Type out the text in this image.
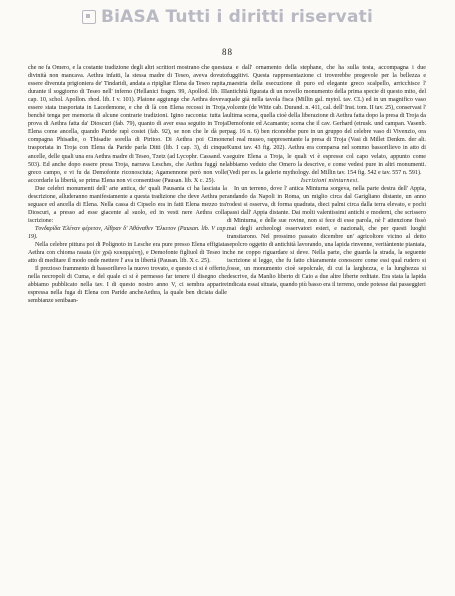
BiASA Tutti i diritti riservati
88

che ne fa Omero, e la costante tradizione degli altri scrittori mostrano che questa divinità non mancava. Aethra infatti, la stessa madre di Teseo, aveva dovuto essere divenuta prigioniera de' Tindaridi, andata a ripigliar Elena da Teseo rapita, durante il soggiorno di Teseo nell' inferno (Hellanici fragm. 99, Apollod. lib. III cap. 10, schol. Apollon. rhod. lib. I v. 101). Platone aggiunge che Aethra doveva essere stata trasportata in Lacedemone, e che di là con Elena recossi in Troja, benchè tenga per memoria di alcune contrarie tradizioni. Igino racconta: tutta la prova di Aethra fatta da' Dioscuri (fab. 79), quanto di aver essa seguito in Troja Elena come ancella, quando Paride rapì costei (fab. 92), se non che le dà per compagna Phisadie, o Thisadie sorella di Piritoo. Di Aethra poi Cimone trasportata in Troja con Elena da Paride parla Ditti (lib. I cap. 3), di cinque ancelle, delle quali una era Aethra madre di Teseo, Tzetz (ad Lycophr. Cassand. v. 503). Ed anche dopo essere presa Troja, narrava Lesches, che Aethra fuggì nel greco campo, e vi fu da Demofonte riconosciuta; Agamennone però non volle accordarle la libertà, se prima Elena non vi consentisse (Pausan. lib. X c. 25).

Due celebri monumenti dell' arte antica, de' quali Pausania ci ha lasciata la descrizione, alluderanno manifestamente a questa tradizione che deve Aethra per seguace ed ancella di Elena. Nella cassa di Cipselo era in fatti Elena mezzo tra' Dioscuri, a presso ad esse giacente al suolo, ed in vesti nere Aethra colla iscrizione:

Τυνδαρίδα Ἑλέναν φέρετον, Αἴθραν δ' Ἀθάναθεν Ἕλκετον (Pausan. lib. V cap. 19).

Nella celebre pittura poi di Polignoto in Lesche era pure presso Elena effigiata Aethra con chioma rasata (ἐν χρῷ κεκαρμένη), e Demofonte figliuol di Teseo in atto di meditare il modo onde mettere l' ava in libertà (Pausan. lib. X c. 25).

Il prezioso frammento di bassorilievo la nuovo trovato, e questo ci si è offerto, nella necropoli di Cuma, e del quale ci si è permesso far tenere il disegno che abbiamo pubblicato nella tav. I di questo nostro anno V, ci sembra apparire espressa nella fuga di Elena con Paride ancheAethra, la quale ben diciata dalle sembianze senibaan-

za e dall' ornamento della stephane, che ha sulla testa, accompagna i due fuggitivi. Questa rappresentazione ci troverebbe pregevole per la bellezza e maestria della esecuzione di puro ed elegante greco scalpello, arricchisce l' antichità figurata di un novello monumento della prima specie di questo mito, del quale già nella tavola fisca (Millin gal. mytol. tav. CL) ed in un magnifico vaso volcente (de Witte cab. Durand. n. 411, cal. dell' Inst. tom. II tav. 25), conservasi l' ultima scena, quella cioè della liberazione di Aethra fatta dopo la presa di Troja da Demofonte ed Acamante; scena che il cav. Gerhard (etrusk. und campan. Vasenb. pag. 16 n. 6) ben riconobbe pure in un gruppo del celebre vaso di Vivenzio, ora nel real museo, rappresentante la presa di Troja (Vasi di Millet Denkm. der alt. Kunst tav. 43 fig. 202). Aethra era comparsa nel sommo bassorilievo in atto di seguire Elena a Troja, le quali vi è espresse col capo velato, appunto come abbiamo veduto che Omero la descrive, e come vedesi pure in altri monumenti. (Vedi per es. la galerie mythology. del Millin tav. 154 fig. 542 e tav. 557 n. 591).

Iscrizioni minturnesi.

In un terreno, dove l' antica Minturna sorgeva, nella parte destra dell' Appia, andando da Napoli in Roma, un miglio circa dal Garigliano distante, un anno rodesi si osserva, di forma quadrata, dieci palmi circa dalla terra elevato, e pochi passi dall' Appia distante. Dai molti valentissimi antichi e moderni, che scrissero di Minturna, e delle sue rovine, non si fece di esse parola, nè l' attenzione fissò mai degli archeologi osservatori esteri, e nazionali, che per questi luoghi transitarono. Nel prossimo passato dicembre un' agricoltore vicino al detto sepolcro oggetto di antichità lavorando, una lapida rinvenne, veritàntente piantata, che ne coppo riguardare si deve. Nella parte, che guarda la strada, la seguente iscrizione si legge, che fu fatto chiaramente conoscere come essi qual rudero si fosse, un monumento cioè sepolcrale, di cui la larghezza, e la lunghezza si descrive, da Manlio liberto di Caio a due altre liberte reditate. Era stata la lapida indicata essai situata, quando più basso era il terreno, onde potesse dai passeggieri
